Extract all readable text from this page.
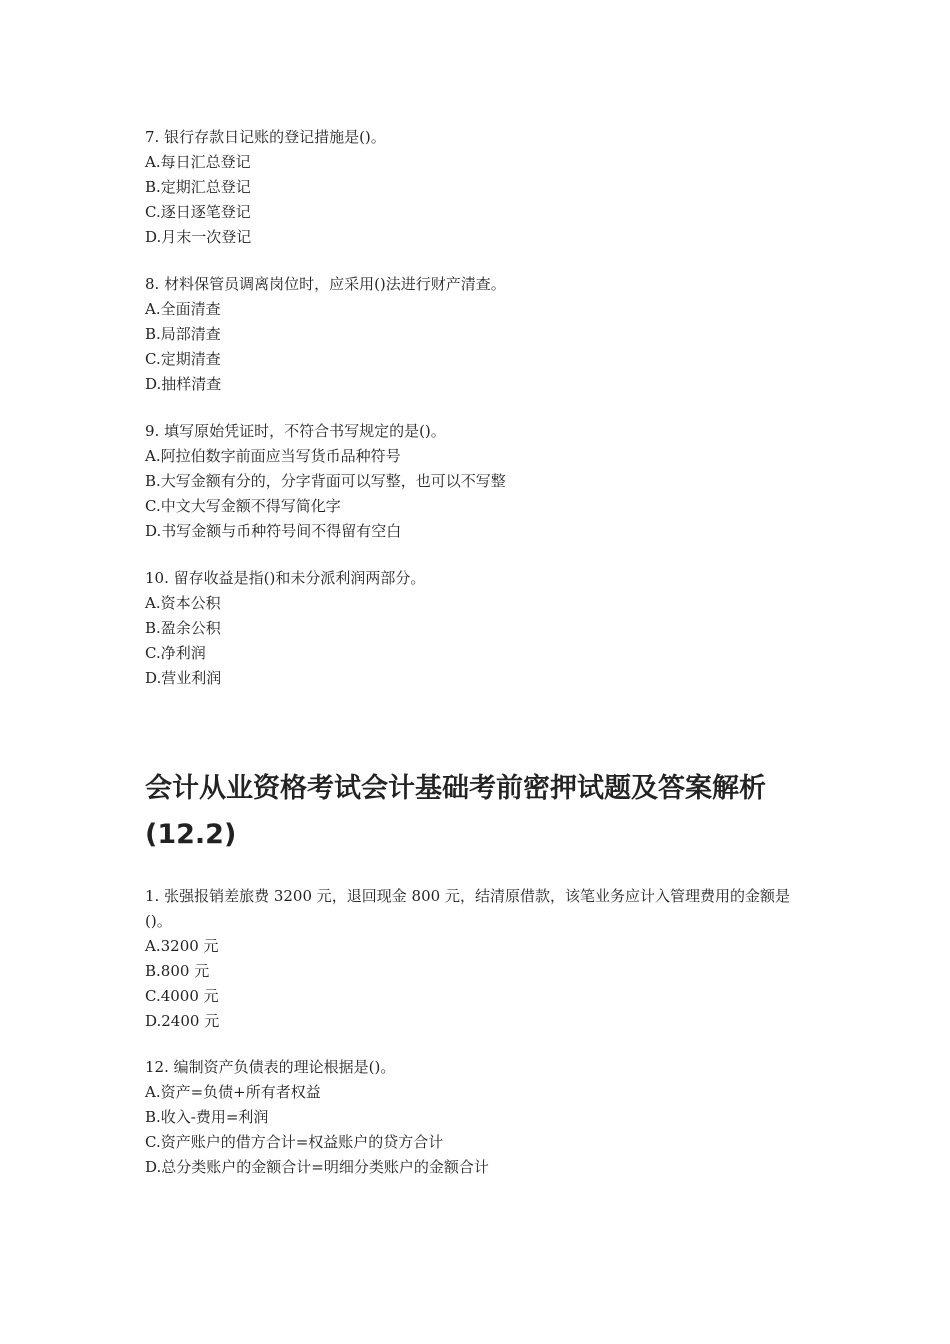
7. 银行存款日记账的登记措施是()。

A.每日汇总登记

B.定期汇总登记

C.逐日逐笔登记

D.月末一次登记

8. 材料保管员调离岗位时，应采用()法进行财产清查。

A.全面清查

B.局部清查

C.定期清查

D.抽样清查

9. 填写原始凭证时，不符合书写规定的是()。

A.阿拉伯数字前面应当写货币品种符号

B.大写金额有分的，分字背面可以写整，也可以不写整

C.中文大写金额不得写简化字

D.书写金额与币种符号间不得留有空白

10. 留存收益是指()和未分派利润两部分。

A.资本公积

B.盈余公积

C.净利润

D.营业利润

会计从业资格考试会计基础考前密押试题及答案解析
(12.2)

1. 张强报销差旅费 3200 元，退回现金 800 元，结清原借款，该笔业务应计入管理费用的金额是()。

A.3200 元

B.800 元

C.4000 元

D.2400 元

12. 编制资产负债表的理论根据是()。

A.资产=负债+所有者权益

B.收入-费用=利润

C.资产账户的借方合计=权益账户的贷方合计

D.总分类账户的金额合计=明细分类账户的金额合计
